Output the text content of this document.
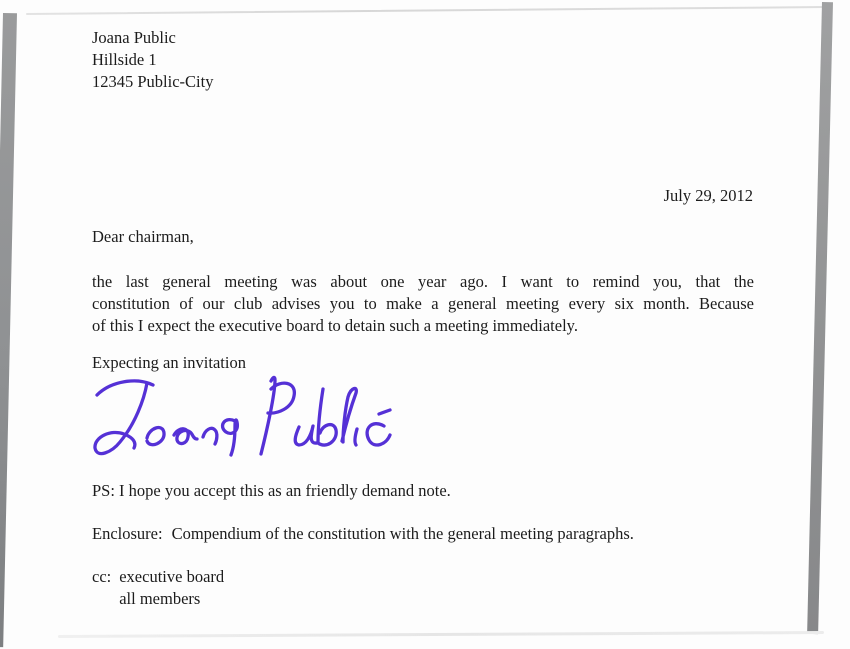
Joana Public
Hillside 1
12345 Public-City
July 29, 2012
Dear chairman,
the last general meeting was about one year ago. I want to remind you, that the
constitution of our club advises you to make a general meeting every six month. Because
of this I expect the executive board to detain such a meeting immediately.
Expecting an invitation
PS: I hope you accept this as an friendly demand note.
Enclosure: Compendium of the constitution with the general meeting paragraphs.
cc: executive board
all members
